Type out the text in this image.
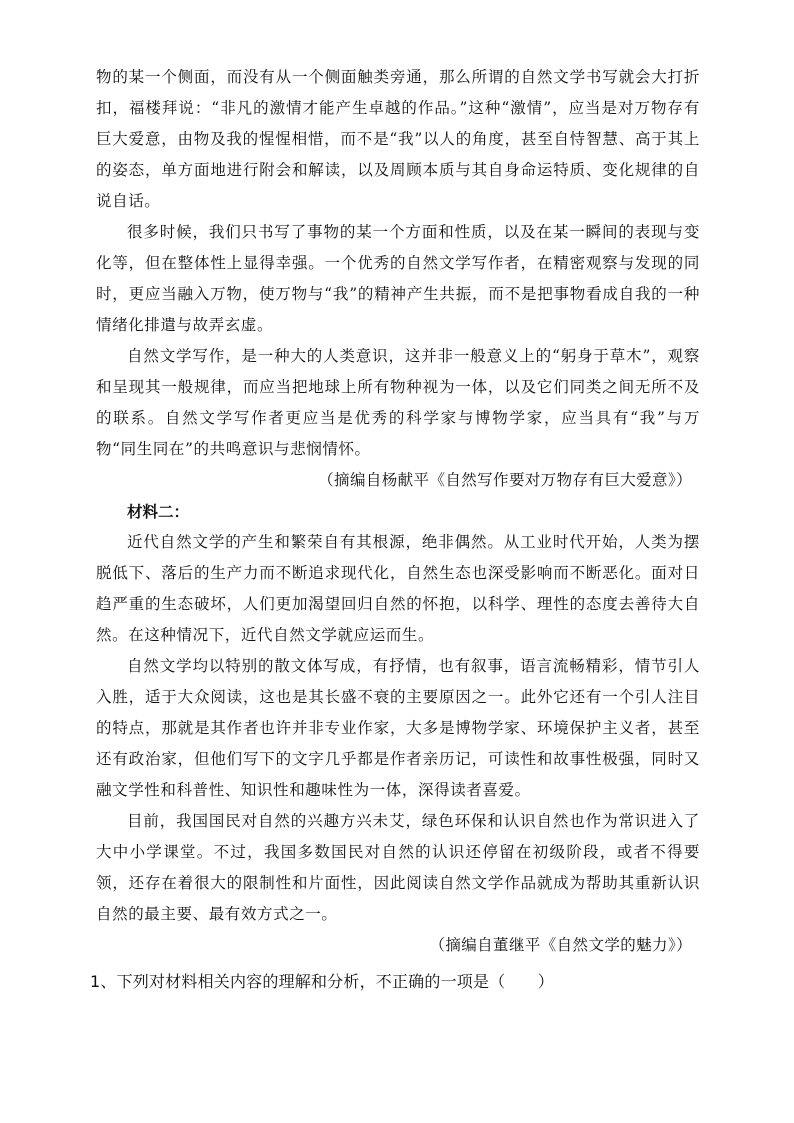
物的某一个侧面，而没有从一个侧面触类旁通，那么所谓的自然文学书写就会大打折扣，福楼拜说：“非凡的激情才能产生卓越的作品。”这种“激情”，应当是对万物存有巨大爱意，由物及我的惺惺相惜，而不是“我”以人的角度，甚至自恃智慧、高于其上的姿态，单方面地进行附会和解读，以及周顾本质与其自身命运特质、变化规律的自说自话。

很多时候，我们只书写了事物的某一个方面和性质，以及在某一瞬间的表现与变化等，但在整体性上显得幸强。一个优秀的自然文学写作者，在精密观察与发现的同时，更应当融入万物，使万物与“我”的精神产生共振，而不是把事物看成自我的一种情绪化排遣与故弄玄虚。

自然文学写作，是一种大的人类意识，这并非一般意义上的“躬身于草木”，观察和呈现其一般规律，而应当把地球上所有物种视为一体，以及它们同类之间无所不及的联系。自然文学写作者更应当是优秀的科学家与博物学家，应当具有“我”与万物“同生同在”的共鸣意识与悲悯情怀。

（摘编自杨献平《自然写作要对万物存有巨大爱意》）

材料二：

近代自然文学的产生和繁荣自有其根源，绝非偶然。从工业时代开始，人类为摆脱低下、落后的生产力而不断追求现代化，自然生态也深受影响而不断恶化。面对日趋严重的生态破坏，人们更加渴望回归自然的怀抱，以科学、理性的态度去善待大自然。在这种情况下，近代自然文学就应运而生。

自然文学均以特别的散文体写成，有抒情，也有叙事，语言流畅精彩，情节引人入胜，适于大众阅读，这也是其长盛不衰的主要原因之一。此外它还有一个引人注目的特点，那就是其作者也许并非专业作家，大多是博物学家、环境保护主义者，甚至还有政治家，但他们写下的文字几乎都是作者亲历记，可读性和故事性极强，同时又融文学性和科普性、知识性和趣味性为一体，深得读者喜爱。

目前，我国国民对自然的兴趣方兴未艾，绿色环保和认识自然也作为常识进入了大中小学课堂。不过，我国多数国民对自然的认识还停留在初级阶段，或者不得要领，还存在着很大的限制性和片面性，因此阅读自然文学作品就成为帮助其重新认识自然的最主要、最有效方式之一。

（摘编自董继平《自然文学的魅力》）

1、下列对材料相关内容的理解和分析，不正确的一项是（　　）
